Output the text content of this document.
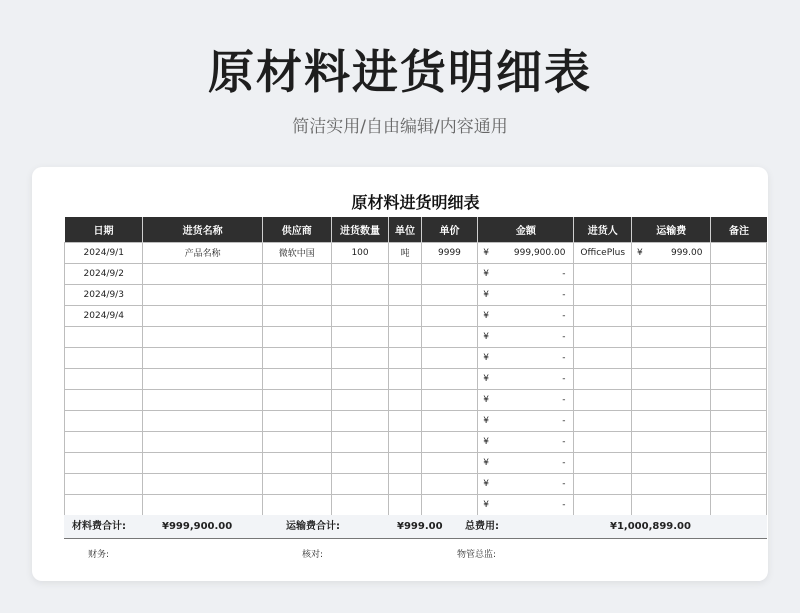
原材料进货明细表
简洁实用/自由编辑/内容通用
原材料进货明细表
日期	进货名称	供应商	进货数量	单位	单价	金额	进货人	运输费	备注
2024/9/1	产品名称	微软中国	100	吨	9999	¥ 999,900.00	OfficePlus	¥ 999.00	

2024/9/2						¥ -			

2024/9/3						¥ -			

2024/9/4						¥ -			

						¥ -			

						¥ -			

						¥ -			

						¥ -			

						¥ -			

						¥ -			

						¥ -			

						¥ -			

						¥ -			

材料费合计:	¥999,900.00	运输费合计:	¥999.00 总费用:	¥1,000,899.00
财务:	核对:	物管总监:
